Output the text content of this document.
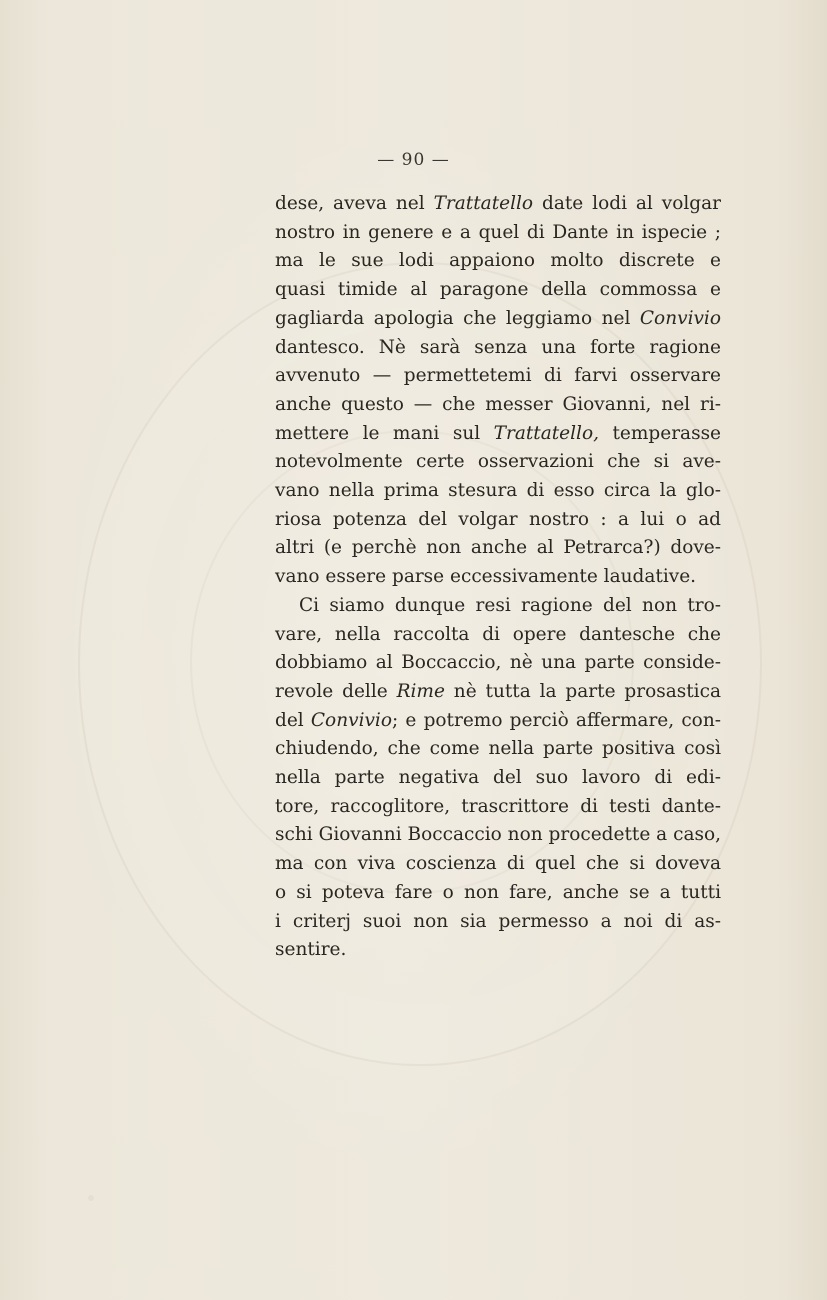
— 90 —
dese, aveva nel Trattatello date lodi al volgar
nostro in genere e a quel di Dante in ispecie ;
ma le sue lodi appaiono molto discrete e
quasi timide al paragone della commossa e
gagliarda apologia che leggiamo nel Convivio
dantesco. Nè sarà senza una forte ragione
avvenuto — permettetemi di farvi osservare
anche questo — che messer Giovanni, nel ri-
mettere le mani sul Trattatello, temperasse
notevolmente certe osservazioni che si ave-
vano nella prima stesura di esso circa la glo-
riosa potenza del volgar nostro : a lui o ad
altri (e perchè non anche al Petrarca?) dove-
vano essere parse eccessivamente laudative.
Ci siamo dunque resi ragione del non tro-
vare, nella raccolta di opere dantesche che
dobbiamo al Boccaccio, nè una parte conside-
revole delle Rime nè tutta la parte prosastica
del Convivio; e potremo perciò affermare, con-
chiudendo, che come nella parte positiva così
nella parte negativa del suo lavoro di edi-
tore, raccoglitore, trascrittore di testi dante-
schi Giovanni Boccaccio non procedette a caso,
ma con viva coscienza di quel che si doveva
o si poteva fare o non fare, anche se a tutti
i criterj suoi non sia permesso a noi di as-
sentire.
